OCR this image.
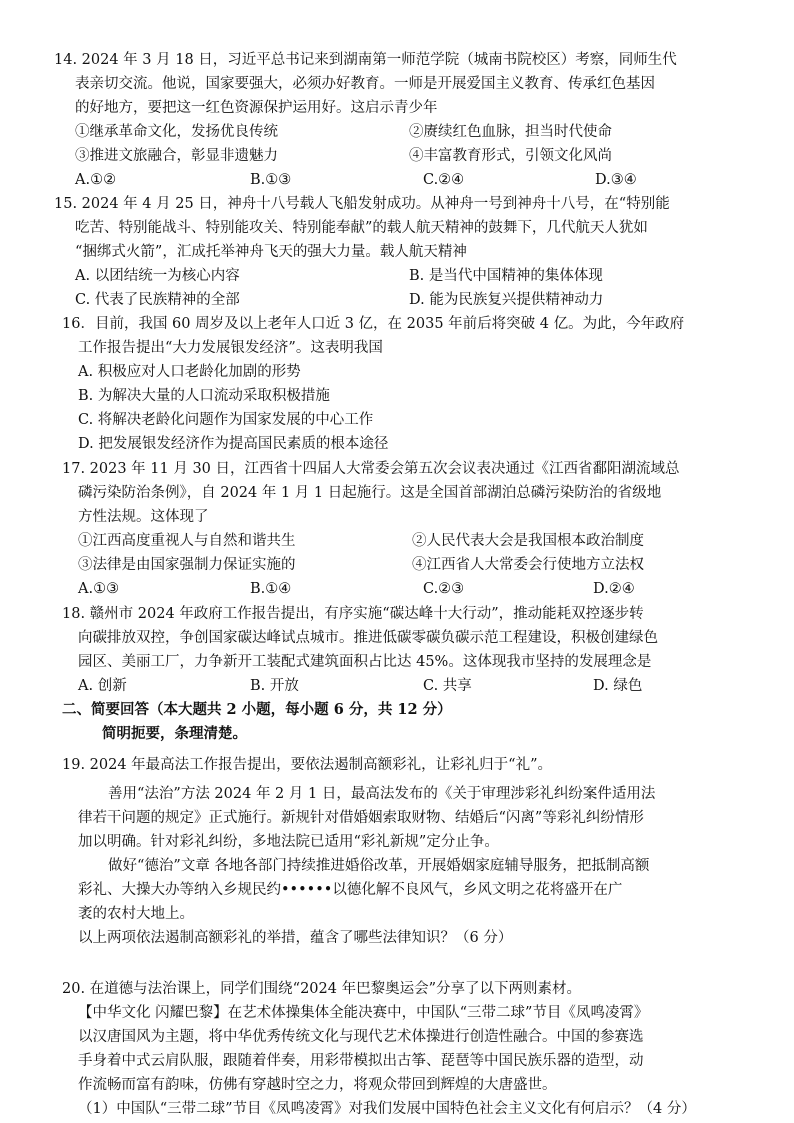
14. 2024 年 3 月 18 日，习近平总书记来到湖南第一师范学院（城南书院校区）考察，同师生代
表亲切交流。他说，国家要强大，必须办好教育。一师是开展爱国主义教育、传承红色基因
的好地方，要把这一红色资源保护运用好。这启示青少年
①继承革命文化，发扬优良传统	②赓续红色血脉，担当时代使命
③推进文旅融合，彰显非遗魅力	④丰富教育形式，引领文化风尚
A.①②	B.①③	C.②④	D.③④
15. 2024 年 4 月 25 日，神舟十八号载人飞船发射成功。从神舟一号到神舟十八号，在“特别能
吃苦、特别能战斗、特别能攻关、特别能奉献”的载人航天精神的鼓舞下，几代航天人犹如
“捆绑式火箭”，汇成托举神舟飞天的强大力量。载人航天精神
A. 以团结统一为核心内容	B. 是当代中国精神的集体体现
C. 代表了民族精神的全部	D. 能为民族复兴提供精神动力
16．目前，我国 60 周岁及以上老年人口近 3 亿，在 2035 年前后将突破 4 亿。为此，今年政府
工作报告提出“大力发展银发经济”。这表明我国
A. 积极应对人口老龄化加剧的形势
B. 为解决大量的人口流动采取积极措施
C. 将解决老龄化问题作为国家发展的中心工作
D. 把发展银发经济作为提高国民素质的根本途径
17. 2023 年 11 月 30 日，江西省十四届人大常委会第五次会议表决通过《江西省鄱阳湖流域总
磷污染防治条例》，自 2024 年 1 月 1 日起施行。这是全国首部湖泊总磷污染防治的省级地
方性法规。这体现了
①江西高度重视人与自然和谐共生	②人民代表大会是我国根本政治制度
③法律是由国家强制力保证实施的	④江西省人大常委会行使地方立法权
A.①③	B.①④	C.②③	D.②④
18. 赣州市 2024 年政府工作报告提出，有序实施“碳达峰十大行动”，推动能耗双控逐步转
向碳排放双控，争创国家碳达峰试点城市。推进低碳零碳负碳示范工程建设，积极创建绿色
园区、美丽工厂，力争新开工装配式建筑面积占比达 45%。这体现我市坚持的发展理念是
A. 创新	B. 开放	C. 共享	D. 绿色
二、简要回答（本大题共 2 小题，每小题 6 分，共 12 分）
简明扼要，条理清楚。
19. 2024 年最高法工作报告提出，要依法遏制高额彩礼，让彩礼归于“礼”。
善用“法治”方法 2024 年 2 月 1 日，最高法发布的《关于审理涉彩礼纠纷案件适用法
律若干问题的规定》正式施行。新规针对借婚姻索取财物、结婚后“闪离”等彩礼纠纷情形
加以明确。针对彩礼纠纷，多地法院已适用“彩礼新规”定分止争。
做好“德治”文章 各地各部门持续推进婚俗改革，开展婚姻家庭辅导服务，把抵制高额
彩礼、大操大办等纳入乡规民约••••••以德化解不良风气，乡风文明之花将盛开在广
袤的农村大地上。
以上两项依法遏制高额彩礼的举措，蕴含了哪些法律知识？（6 分）
20. 在道德与法治课上，同学们围绕“2024 年巴黎奥运会”分享了以下两则素材。
【中华文化 闪耀巴黎】在艺术体操集体全能决赛中，中国队“三带二球”节目《凤鸣凌霄》
以汉唐国风为主题，将中华优秀传统文化与现代艺术体操进行创造性融合。中国的参赛选
手身着中式云肩队服，跟随着伴奏，用彩带模拟出古筝、琵琶等中国民族乐器的造型，动
作流畅而富有韵味，仿佛有穿越时空之力，将观众带回到辉煌的大唐盛世。
（1）中国队“三带二球”节目《凤鸣凌霄》对我们发展中国特色社会主义文化有何启示？（4 分）
